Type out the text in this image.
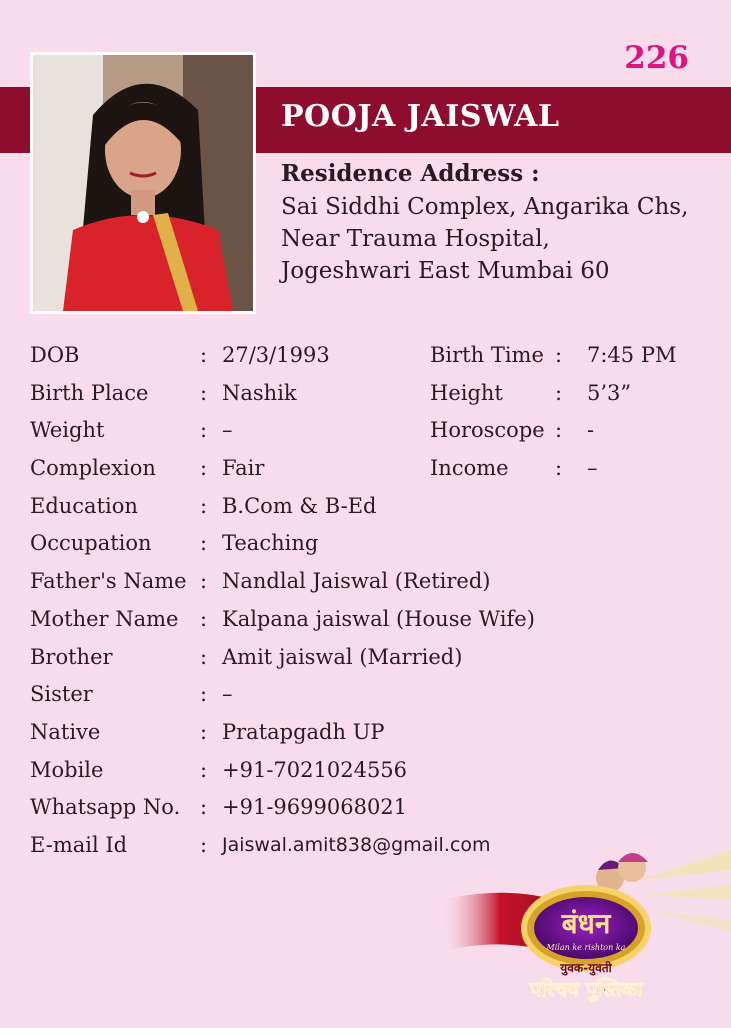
226
POOJA JAISWAL
Residence Address :
Sai Siddhi Complex, Angarika Chs,
Near Trauma Hospital,
Jogeshwari East Mumbai 60
DOB	: 27/3/1993	Birth Time : 7:45 PM
Birth Place : Nashik	Height : 5’3”
Weight	: –	Horoscope : -
Complexion : Fair	Income : –
Education	: B.Com & B-Ed
Occupation : Teaching
Father's Name : Nandlal Jaiswal (Retired)
Mother Name : Kalpana jaiswal (House Wife)
Brother	: Amit jaiswal (Married)
Sister	: –
Native	: Pratapgadh UP
Mobile	: +91-7021024556
Whatsapp No. : +91-9699068021
E-mail Id	: Jaiswal.amit838@gmail.com
बंधन
Milan ke rishton ka
युवक-युवती
परिचय पुस्तिका
